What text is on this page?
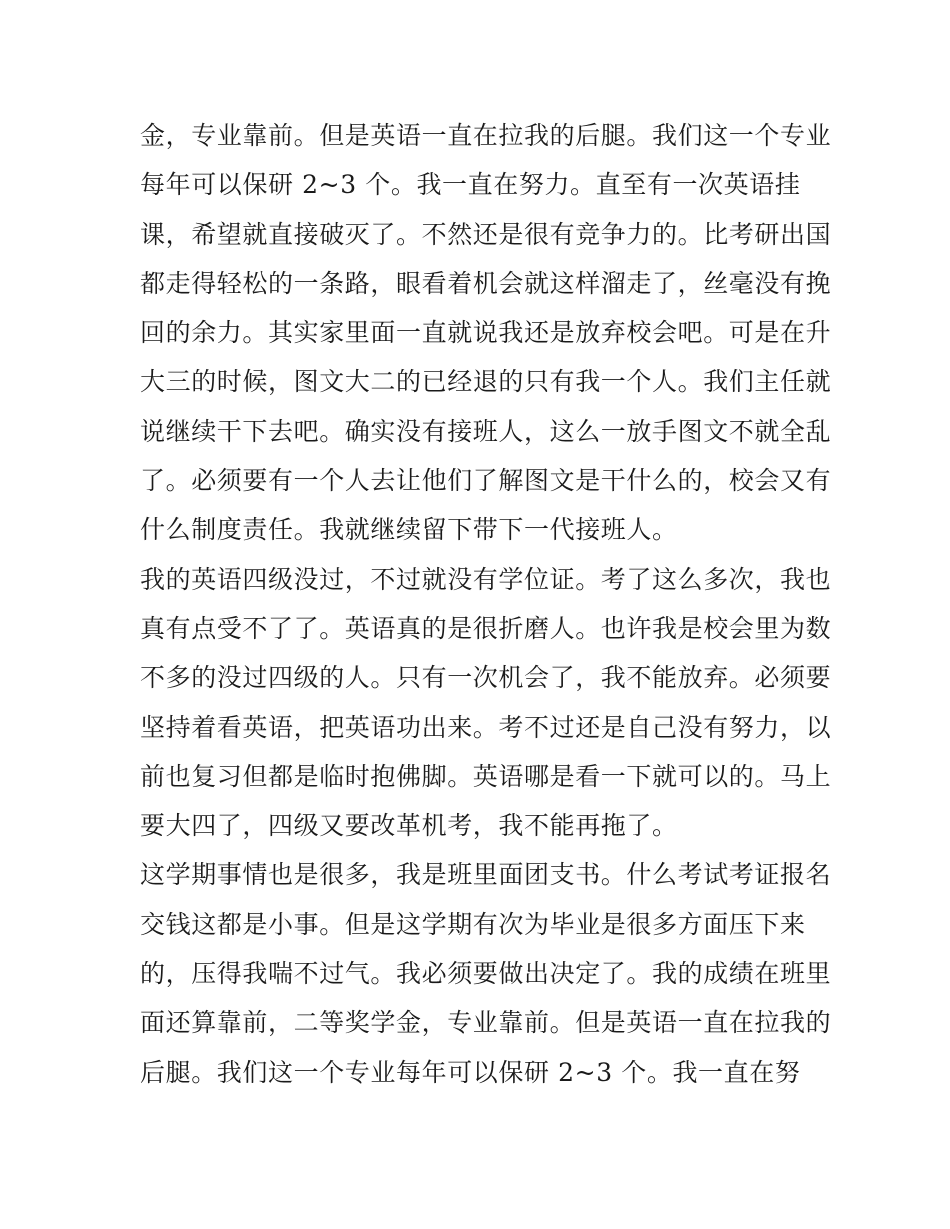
金，专业靠前。但是英语一直在拉我的后腿。我们这一个专业
每年可以保研 2~3 个。我一直在努力。直至有一次英语挂
课，希望就直接破灭了。不然还是很有竞争力的。比考研出国
都走得轻松的一条路，眼看着机会就这样溜走了，丝毫没有挽
回的余力。其实家里面一直就说我还是放弃校会吧。可是在升
大三的时候，图文大二的已经退的只有我一个人。我们主任就
说继续干下去吧。确实没有接班人，这么一放手图文不就全乱
了。必须要有一个人去让他们了解图文是干什么的，校会又有
什么制度责任。我就继续留下带下一代接班人。
我的英语四级没过，不过就没有学位证。考了这么多次，我也
真有点受不了了。英语真的是很折磨人。也许我是校会里为数
不多的没过四级的人。只有一次机会了，我不能放弃。必须要
坚持着看英语，把英语功出来。考不过还是自己没有努力，以
前也复习但都是临时抱佛脚。英语哪是看一下就可以的。马上
要大四了，四级又要改革机考，我不能再拖了。
这学期事情也是很多，我是班里面团支书。什么考试考证报名
交钱这都是小事。但是这学期有次为毕业是很多方面压下来
的，压得我喘不过气。我必须要做出决定了。我的成绩在班里
面还算靠前，二等奖学金，专业靠前。但是英语一直在拉我的
后腿。我们这一个专业每年可以保研 2~3 个。我一直在努
